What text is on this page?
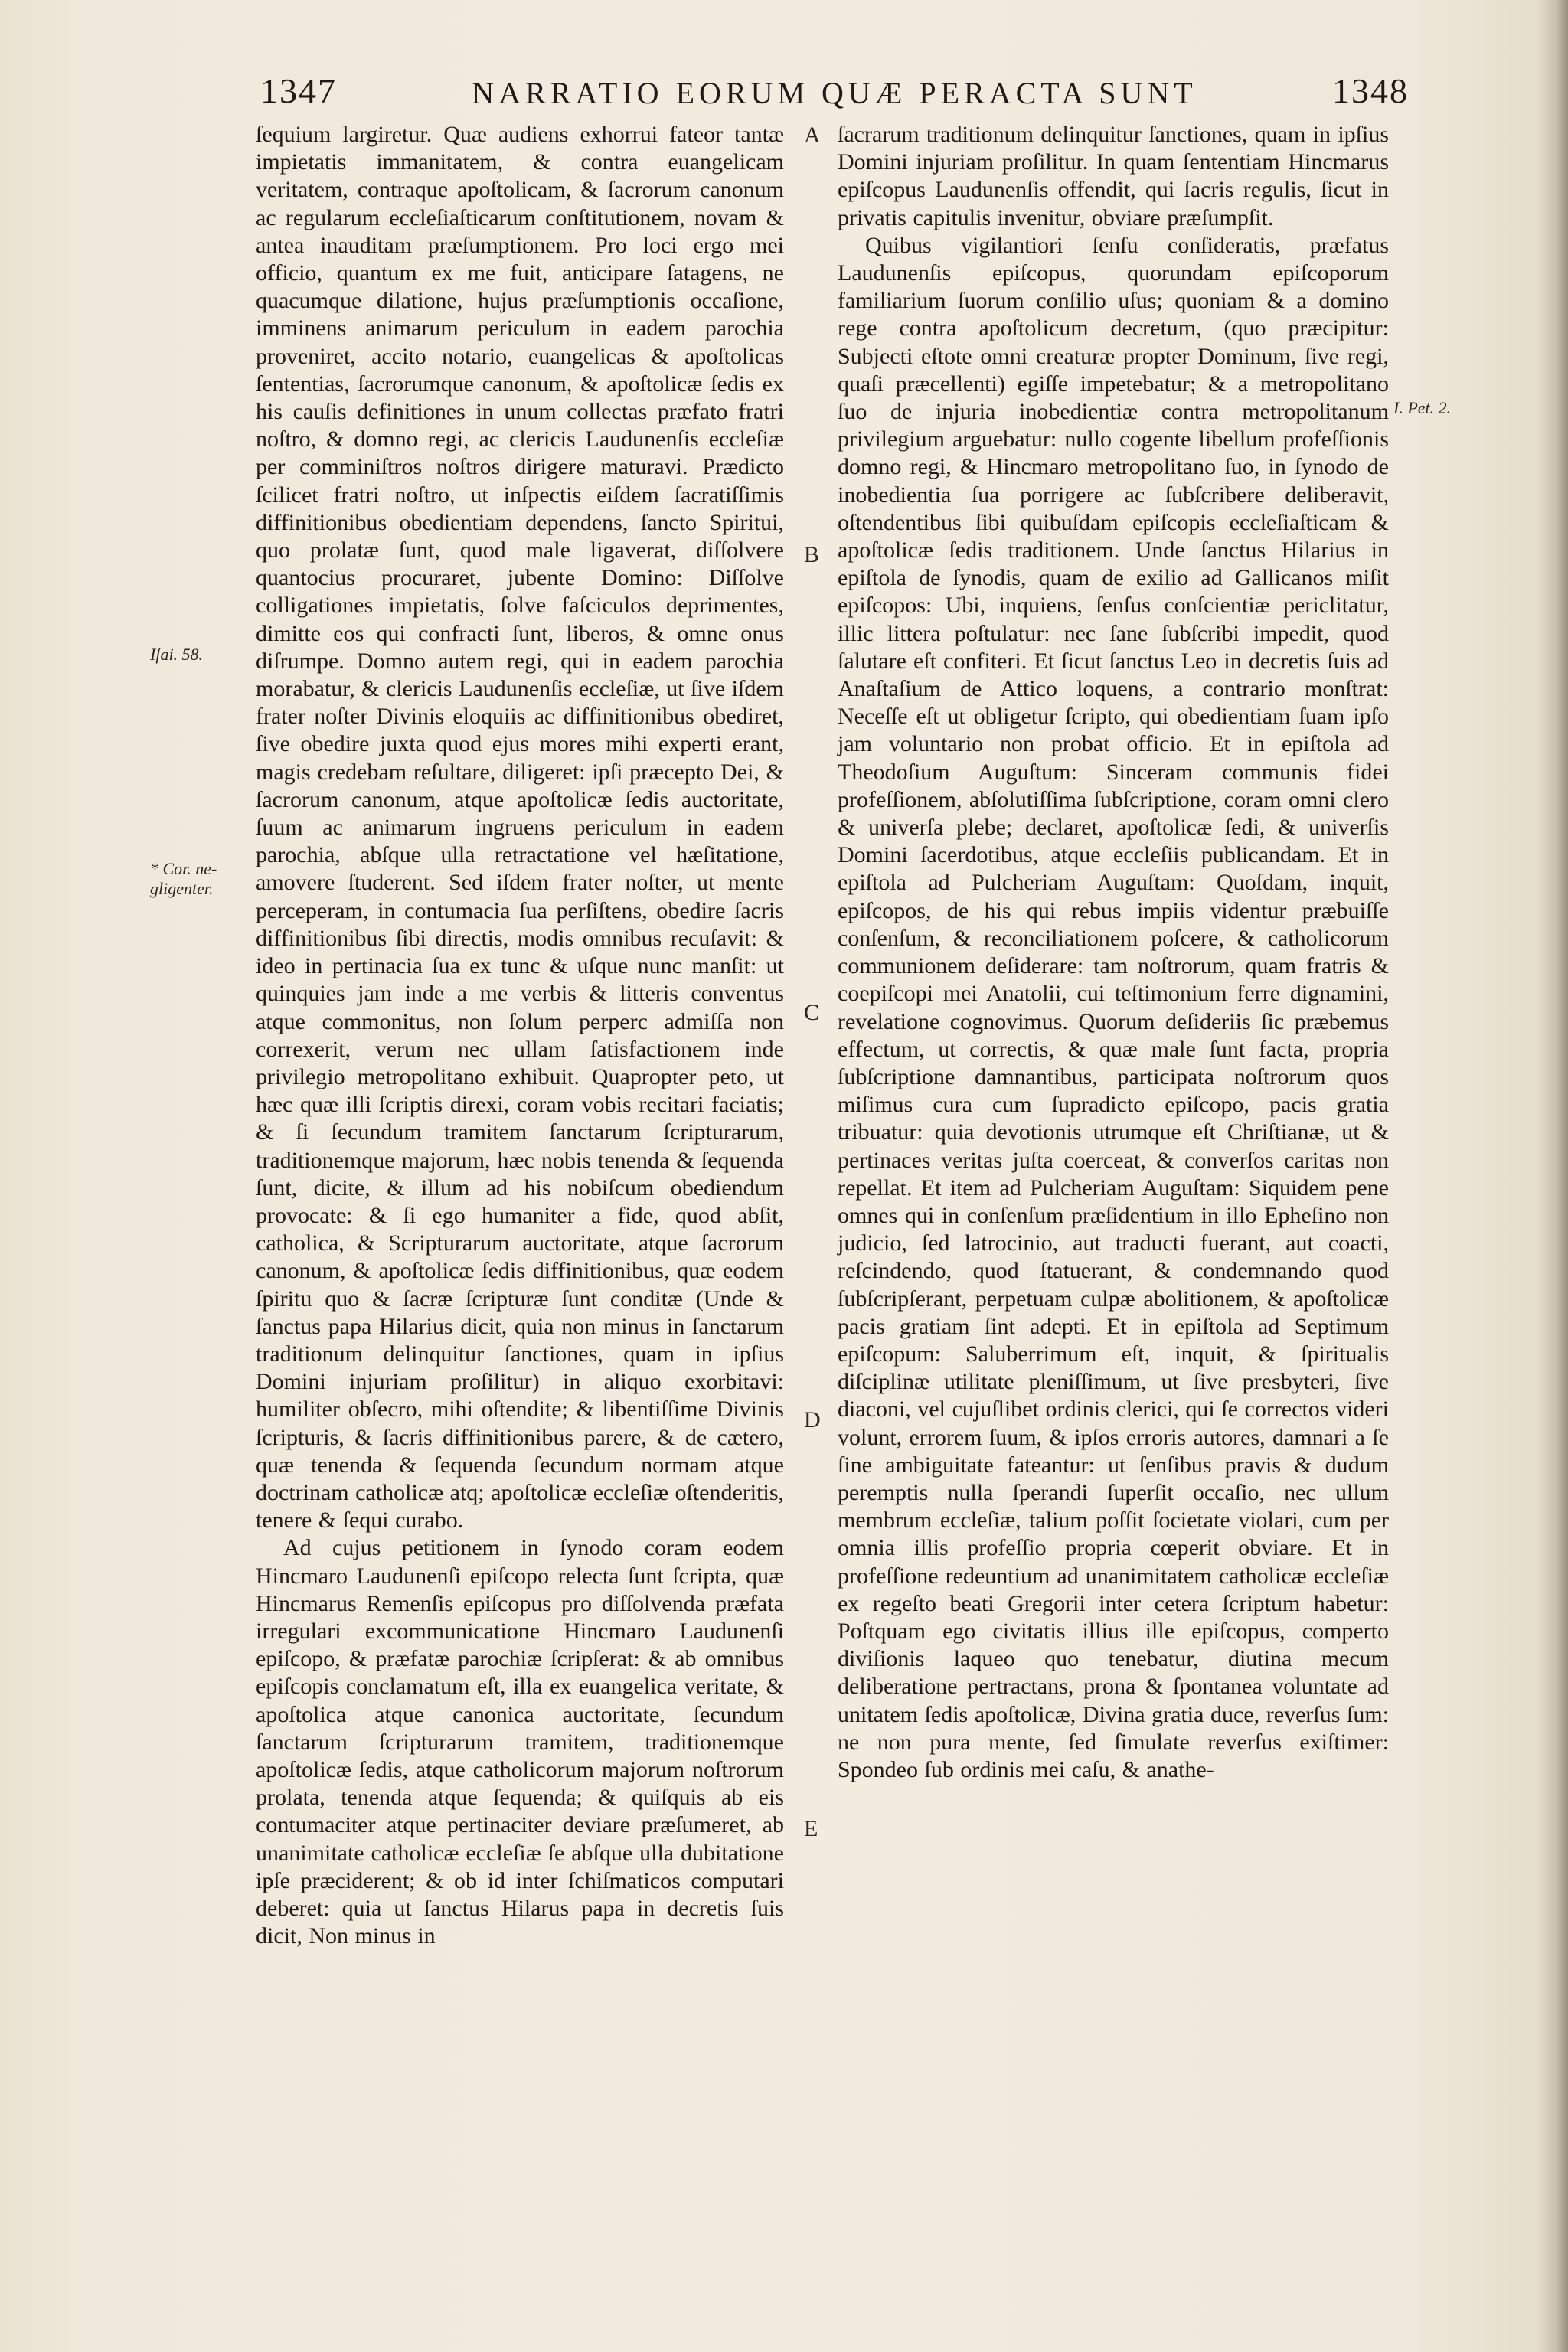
1347	NARRATIO EORUM QUÆ PERACTA SUNT	1348

ſequium largiretur. Quæ audiens exhorrui fateor tantæ impietatis immanitatem, & contra euangelicam veritatem, contraque apoſtolicam, & ſacrorum canonum ac regularum eccleſiaſticarum conſtitutionem, novam & antea inauditam præſumptionem. Pro loci ergo mei officio, quantum ex me fuit, anticipare ſatagens, ne quacumque dilatione, hujus præſumptionis occaſione, imminens animarum periculum in eadem parochia proveniret, accito notario, euangelicas & apoſtolicas ſententias, ſacrorumque canonum, & apoſtolicæ ſedis ex his cauſis definitiones in unum collectas præfato fratri noſtro, & domno regi, ac clericis Laudunenſis eccleſiæ per comminiſtros noſtros dirigere maturavi. Prædicto ſcilicet fratri noſtro, ut inſpectis eiſdem ſacratiſſimis diffinitionibus obedientiam dependens, ſancto Spiritui, quo prolatæ ſunt, quod male ligaverat, diſſolvere quantocius procuraret, jubente Domino: Diſſolve colligationes impietatis, ſolve faſciculos deprimentes, dimitte eos qui confracti ſunt, liberos, & omne onus diſrumpe. Domno autem regi, qui in eadem parochia morabatur, & clericis Laudunenſis eccleſiæ, ut ſive iſdem frater noſter Divinis eloquiis ac diffinitionibus obediret, ſive obedire juxta quod ejus mores mihi experti erant, magis credebam reſultare, diligeret: ipſi præcepto Dei, & ſacrorum canonum, atque apoſtolicæ ſedis auctoritate, ſuum ac animarum ingruens periculum in eadem parochia, abſque ulla retractatione vel hæſitatione, amovere ſtuderent. Sed iſdem frater noſter, ut mente perceperam, in contumacia ſua perſiſtens, obedire ſacris diffinitionibus ſibi directis, modis omnibus recuſavit: & ideo in pertinacia ſua ex tunc & uſque nunc manſit: ut quinquies jam inde a me verbis & litteris conventus atque commonitus, non ſolum perperc admiſſa non correxerit, verum nec ullam ſatisfactionem inde privilegio metropolitano exhibuit. Quapropter peto, ut hæc quæ illi ſcriptis direxi, coram vobis recitari faciatis; & ſi ſecundum tramitem ſanctarum ſcripturarum, traditionemque majorum, hæc nobis tenenda & ſequenda ſunt, dicite, & illum ad his nobiſcum obediendum provocate: & ſi ego humaniter a fide, quod abſit, catholica, & Scripturarum auctoritate, atque ſacrorum canonum, & apoſtolicæ ſedis diffinitionibus, quæ eodem ſpiritu quo & ſacræ ſcripturæ ſunt conditæ (Unde & ſanctus papa Hilarius dicit, quia non minus in ſanctarum traditionum delinquitur ſanctiones, quam in ipſius Domini injuriam proſilitur) in aliquo exorbitavi: humiliter obſecro, mihi oſtendite; & libentiſſime Divinis ſcripturis, & ſacris diffinitionibus parere, & de cætero, quæ tenenda & ſequenda ſecundum normam atque doctrinam catholicæ atq; apoſtolicæ eccleſiæ oſtenderitis, tenere & ſequi curabo.

Ad cujus petitionem in ſynodo coram eodem Hincmaro Laudunenſi epiſcopo relecta ſunt ſcripta, quæ Hincmarus Remenſis epiſcopus pro diſſolvenda præfata irregulari excommunicatione Hincmaro Laudunenſi epiſcopo, & præfatæ parochiæ ſcripſerat: & ab omnibus epiſcopis conclamatum eſt, illa ex euangelica veritate, & apoſtolica atque canonica auctoritate, ſecundum ſanctarum ſcripturarum tramitem, traditionemque apoſtolicæ ſedis, atque catholicorum majorum noſtrorum prolata, tenenda atque ſequenda; & quiſquis ab eis contumaciter atque pertinaciter deviare præſumeret, ab unanimitate catholicæ eccleſiæ ſe abſque ulla dubitatione ipſe præciderent; & ob id inter ſchiſmaticos computari deberet: quia ut ſanctus Hilarus papa in decretis ſuis dicit, Non minus in

ſacrarum traditionum delinquitur ſanctiones, quam in ipſius Domini injuriam proſilitur. In quam ſententiam Hincmarus epiſcopus Laudunenſis offendit, qui ſacris regulis, ſicut in privatis capitulis invenitur, obviare præſumpſit.

Quibus vigilantiori ſenſu conſideratis, præfatus Laudunenſis epiſcopus, quorundam epiſcoporum familiarium ſuorum conſilio uſus; quoniam & a domino rege contra apoſtolicum decretum, (quo præcipitur: Subjecti eſtote omni creaturæ propter Dominum, ſive regi, quaſi præcellenti) egiſſe impetebatur; & a metropolitano ſuo de injuria inobedientiæ contra metropolitanum privilegium arguebatur: nullo cogente libellum profeſſionis domno regi, & Hincmaro metropolitano ſuo, in ſynodo de inobedientia ſua porrigere ac ſubſcribere deliberavit, oſtendentibus ſibi quibuſdam epiſcopis eccleſiaſticam & apoſtolicæ ſedis traditionem. Unde ſanctus Hilarius in epiſtola de ſynodis, quam de exilio ad Gallicanos miſit epiſcopos: Ubi, inquiens, ſenſus conſcientiæ periclitatur, illic littera poſtulatur: nec ſane ſubſcribi impedit, quod ſalutare eſt confiteri. Et ſicut ſanctus Leo in decretis ſuis ad Anaſtaſium de Attico loquens, a contrario monſtrat: Neceſſe eſt ut obligetur ſcripto, qui obedientiam ſuam ipſo jam voluntario non probat officio. Et in epiſtola ad Theodoſium Auguſtum: Sinceram communis fidei profeſſionem, abſolutiſſima ſubſcriptione, coram omni clero & univerſa plebe; declaret, apoſtolicæ ſedi, & univerſis Domini ſacerdotibus, atque eccleſiis publicandam. Et in epiſtola ad Pulcheriam Auguſtam: Quoſdam, inquit, epiſcopos, de his qui rebus impiis videntur præbuiſſe conſenſum, & reconciliationem poſcere, & catholicorum communionem deſiderare: tam noſtrorum, quam fratris & coepiſcopi mei Anatolii, cui teſtimonium ferre dignamini, revelatione cognovimus. Quorum deſideriis ſic præbemus effectum, ut correctis, & quæ male ſunt facta, propria ſubſcriptione damnantibus, participata noſtrorum quos miſimus cura cum ſupradicto epiſcopo, pacis gratia tribuatur: quia devotionis utrumque eſt Chriſtianæ, ut & pertinaces veritas juſta coerceat, & converſos caritas non repellat. Et item ad Pulcheriam Auguſtam: Siquidem pene omnes qui in conſenſum præſidentium in illo Epheſino non judicio, ſed latrocinio, aut traducti fuerant, aut coacti, reſcindendo, quod ſtatuerant, & condemnando quod ſubſcripſerant, perpetuam culpæ abolitionem, & apoſtolicæ pacis gratiam ſint adepti. Et in epiſtola ad Septimum epiſcopum: Saluberrimum eſt, inquit, & ſpiritualis diſciplinæ utilitate pleniſſimum, ut ſive presbyteri, ſive diaconi, vel cujuſlibet ordinis clerici, qui ſe correctos videri volunt, errorem ſuum, & ipſos erroris autores, damnari a ſe ſine ambiguitate fateantur: ut ſenſibus pravis & dudum peremptis nulla ſperandi ſuperſit occaſio, nec ullum membrum eccleſiæ, talium poſſit ſocietate violari, cum per omnia illis profeſſio propria cœperit obviare. Et in profeſſione redeuntium ad unanimitatem catholicæ eccleſiæ ex regeſto beati Gregorii inter cetera ſcriptum habetur: Poſtquam ego civitatis illius ille epiſcopus, comperto diviſionis laqueo quo tenebatur, diutina mecum deliberatione pertractans, prona & ſpontanea voluntate ad unitatem ſedis apoſtolicæ, Divina gratia duce, reverſus ſum: ne non pura mente, ſed ſimulate reverſus exiſtimer: Spondeo ſub ordinis mei caſu, & anathe-

Iſai. 58.
* Cor. ne-
gligenter.
I. Pet. 2.
A
B
C
D
E
